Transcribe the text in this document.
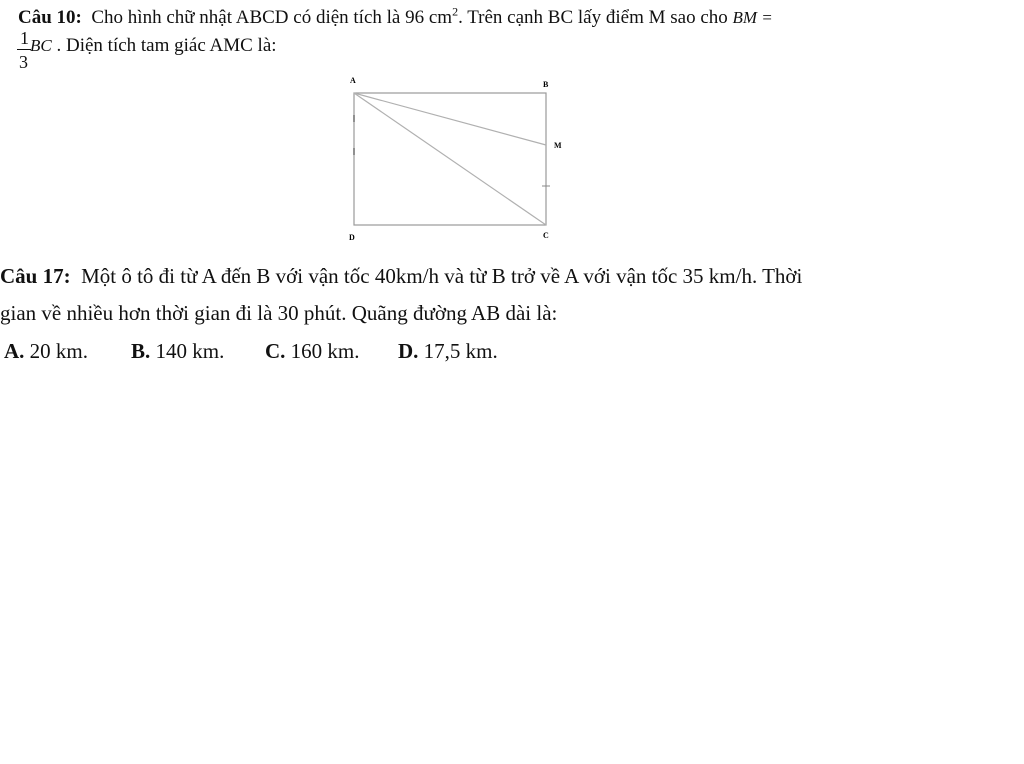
Câu 10: Cho hình chữ nhật ABCD có diện tích là 96 $cm^2$. Trên cạnh BC lấy điểm M sao cho BM =
1
3
BC . Diện tích tam giác AMC là:
A	B
M
D	C
Câu 17: Một ô tô đi từ A đến B với vận tốc 40km/h và từ B trở về A với vận tốc 35 km/h. Thời
gian về nhiều hơn thời gian đi là 30 phút. Quãng đường AB dài là:
A. 20 km. B. 140 km. C. 160 km. D. 17,5 km.
